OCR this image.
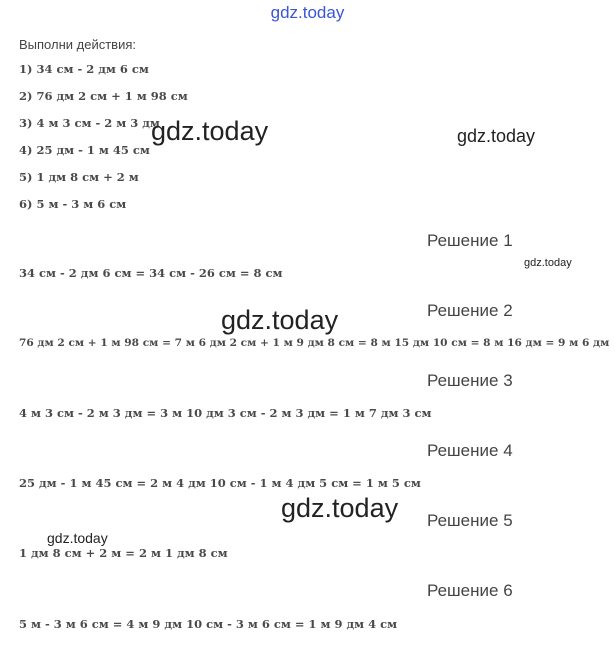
gdz.today
Выполни действия:
1) 34 см - 2 дм 6 см
2) 76 дм 2 см + 1 м 98 см
3) 4 м 3 см - 2 м 3 дм
4) 25 дм - 1 м 45 см
5) 1 дм 8 см + 2 м
6) 5 м - 3 м 6 см
Решение 1
34 см - 2 дм 6 см = 34 см - 26 см = 8 см
Решение 2
76 дм 2 см + 1 м 98 см = 7 м 6 дм 2 см + 1 м 9 дм 8 см = 8 м 15 дм 10 см = 8 м 16 дм = 9 м 6 дм
Решение 3
4 м 3 см - 2 м 3 дм = 3 м 10 дм 3 см - 2 м 3 дм = 1 м 7 дм 3 см
Решение 4
25 дм - 1 м 45 см = 2 м 4 дм 10 см - 1 м 4 дм 5 см = 1 м 5 см
Решение 5
1 дм 8 см + 2 м = 2 м 1 дм 8 см
Решение 6
5 м - 3 м 6 см = 4 м 9 дм 10 см - 3 м 6 см = 1 м 9 дм 4 см
gdz.today	gdz.today
gdz.today
gdz.today
gdz.today
gdz.today
